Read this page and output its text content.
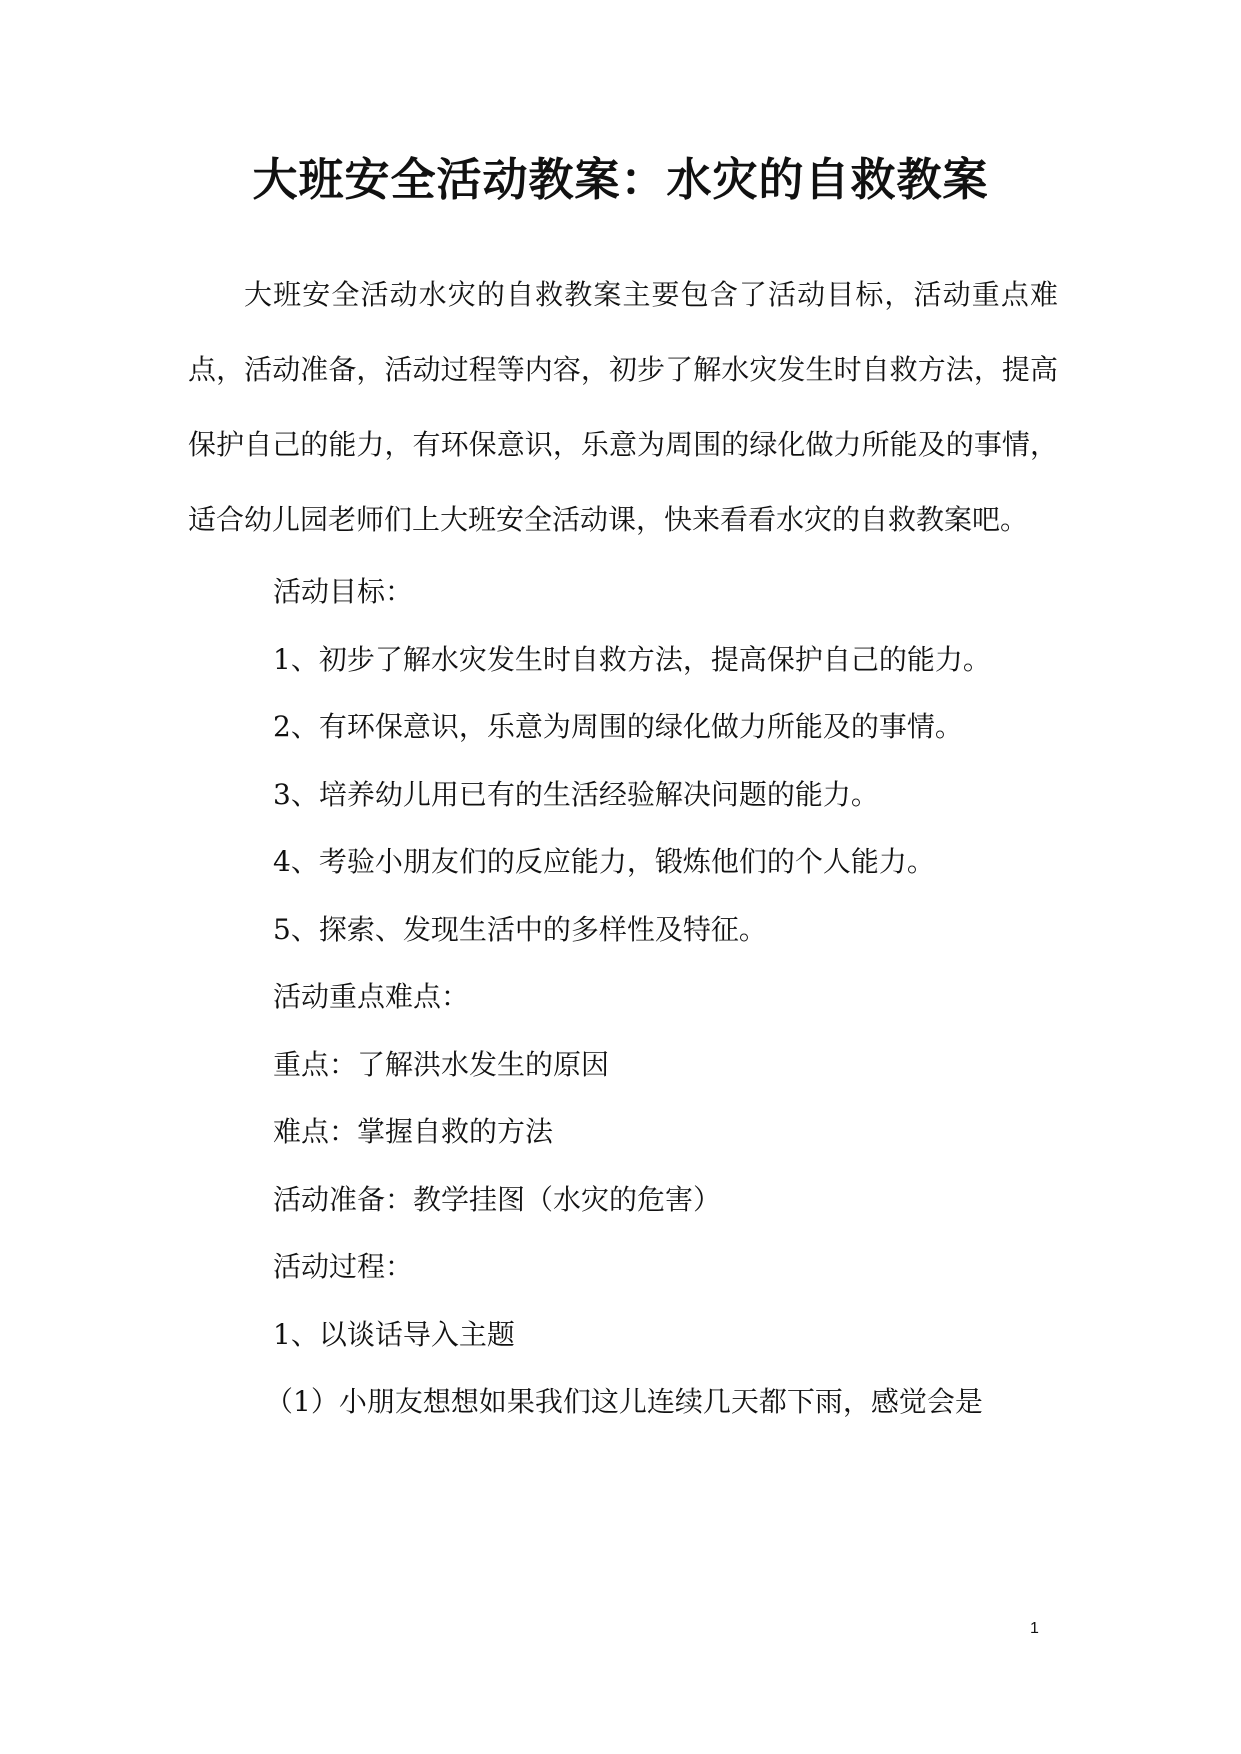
大班安全活动教案：水灾的自救教案

大班安全活动水灾的自救教案主要包含了活动目标，活动重点难点，活动准备，活动过程等内容，初步了解水灾发生时自救方法，提高保护自己的能力，有环保意识，乐意为周围的绿化做力所能及的事情，适合幼儿园老师们上大班安全活动课，快来看看水灾的自救教案吧。

活动目标：
1、初步了解水灾发生时自救方法，提高保护自己的能力。
2、有环保意识，乐意为周围的绿化做力所能及的事情。
3、培养幼儿用已有的生活经验解决问题的能力。
4、考验小朋友们的反应能力，锻炼他们的个人能力。
5、探索、发现生活中的多样性及特征。
活动重点难点：
重点：了解洪水发生的原因
难点：掌握自救的方法
活动准备：教学挂图（水灾的危害）
活动过程：
1、以谈话导入主题
（1）小朋友想想如果我们这儿连续几天都下雨，感觉会是
1
